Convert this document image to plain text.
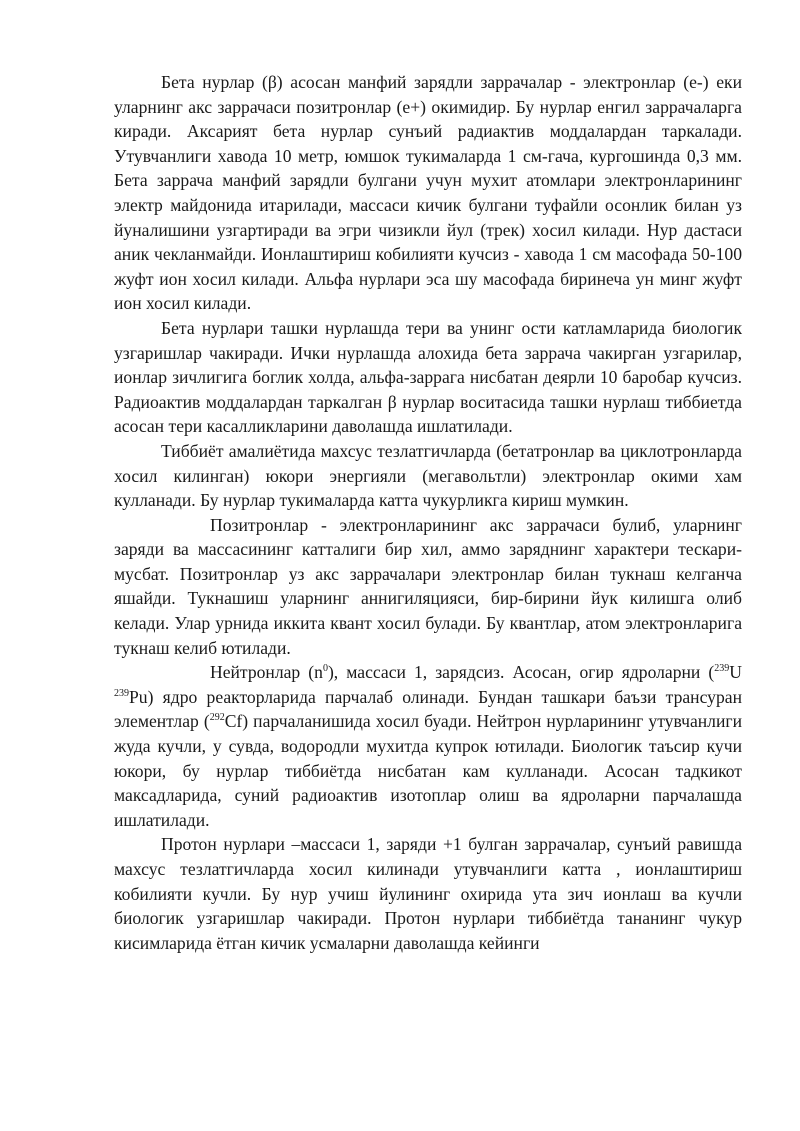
Бета нурлар (β) асосан манфий зарядли заррачалар - электронлар (е-) еки уларнинг акс заррачаси позитронлар (е+) окимидир. Бу нурлар енгил заррачаларга киради. Аксарият бета нурлар сунъий радиактив моддалардан таркалади. Утувчанлиги хавода 10 метр, юмшок тукималарда 1 см-гача, кургошинда 0,3 мм. Бета заррача манфий зарядли булгани учун мухит атомлари электронларининг электр майдонида итарилади, массаси кичик булгани туфайли осонлик билан уз йуналишини узгартиради ва эгри чизикли йул (трек) хосил килади. Нур дастаси аник чекланмайди. Ионлаштириш кобилияти кучсиз - хавода 1 см масофада 50-100 жуфт ион хосил килади. Альфа нурлари эса шу масофада биринеча ун минг жуфт ион хосил килади.

Бета нурлари ташки нурлашда тери ва унинг ости катламларида биологик узгаришлар чакиради. Ички нурлашда алохида бета заррача чакирган узгарилар, ионлар зичлигига боглик холда, альфа-заррага нисбатан деярли 10 баробар кучсиз. Радиоактив моддалардан таркалган β нурлар воситасида ташки нурлаш тиббиетда асосан тери касалликларини даволашда ишлатилади.

Тиббиёт амалиётида махсус тезлатгичларда (бетатронлар ва циклотронларда хосил килинган) юкори энергияли (мегавольтли) электронлар окими хам кулланади. Бу нурлар тукималарда катта чукурликга кириш мумкин.

Позитронлар - электронларининг акс заррачаси булиб, уларнинг заряди ва массасининг катталиги бир хил, аммо заряднинг характери тескари- мусбат. Позитронлар уз акс заррачалари электронлар билан тукнаш келганча яшайди. Тукнашиш уларнинг аннигиляцияси, бир-бирини йук килишга олиб келади. Улар урнида иккита квант хосил булади. Бу квантлар, атом электронларига тукнаш келиб ютилади.

Нейтронлар $(n^0)$, массаси 1, зарядсиз. Асосан, огир ядроларни ($^{239}$U $^{239}$Pu) ядро реакторларида парчалаб олинади. Бундан ташкари баъзи трансуран элементлар ($^{292}$Cf) парчаланишида хосил буади. Нейтрон нурларининг утувчанлиги жуда кучли, у сувда, водородли мухитда купрок ютилади. Биологик таъсир кучи юкори, бу нурлар тиббиётда нисбатан кам кулланади. Асосан тадкикот максадларида, суний радиоактив изотоплар олиш ва ядроларни парчалашда ишлатилади.

Протон нурлари –массаси 1, заряди +1 булган заррачалар, сунъий равишда махсус тезлатгичларда хосил килинади утувчанлиги катта , ионлаштириш кобилияти кучли. Бу нур учиш йулининг охирида ута зич ионлаш ва кучли биологик узгаришлар чакиради. Протон нурлари тиббиётда тананинг чукур кисимларида ётган кичик усмаларни даволашда кейинги
